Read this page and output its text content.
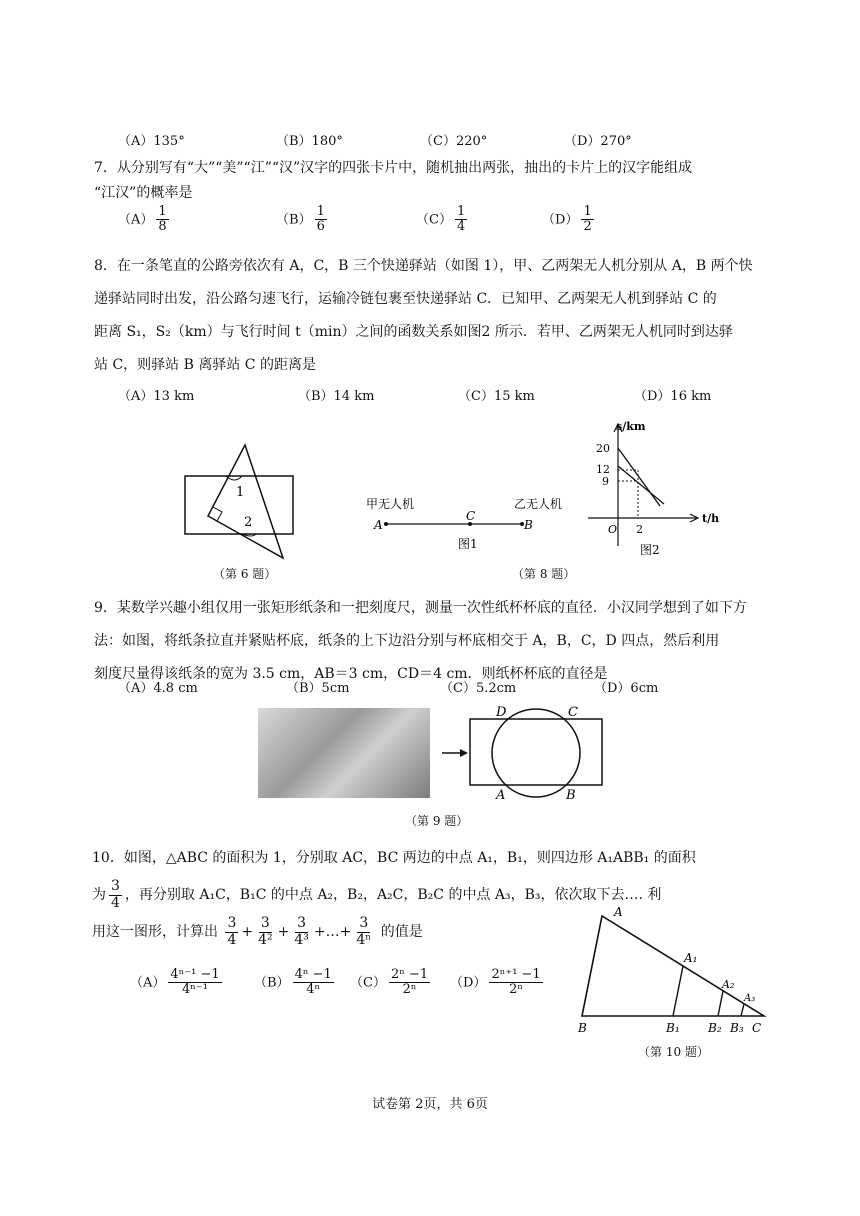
（A）135°	（B）180°	（C）220°	（D）270°
7．从分别写有“大”“美”“江”“汉”汉字的四张卡片中，随机抽出两张，抽出的卡片上的汉字能组成
“江汉”的概率是
$(A) \frac{1}{8}$	$(B) \frac{1}{6}$	$(C) \frac{1}{4}$	$(D) \frac{1}{2}$
8．在一条笔直的公路旁依次有 A，C，B 三个快递驿站（如图 1），甲、乙两架无人机分别从 A，B 两个快
递驿站同时出发，沿公路匀速飞行，运输冷链包裹至快递驿站 C．已知甲、乙两架无人机到驿站 C 的
距离 S₁，S₂（km）与飞行时间 t（min）之间的函数关系如图2 所示．若甲、乙两架无人机同时到达驿
站 C，则驿站 B 离驿站 C 的距离是
（A）13 km	（B）14 km	（C）15 km	（D）16 km
1
2
（第 6 题）
甲无人机	乙无人机
A
C
B
图1
s/km
t/h
20
12
9
O 2
图2
（第 8 题）
9．某数学兴趣小组仅用一张矩形纸条和一把刻度尺，测量一次性纸杯杯底的直径．小汉同学想到了如下方
法：如图，将纸条拉直并紧贴杯底，纸条的上下边沿分别与杯底相交于 A，B，C，D 四点，然后利用
刻度尺量得该纸条的宽为 3.5 cm，AB＝3 cm，CD＝4 cm．则纸杯杯底的直径是
（A）4.8 cm	（B）5cm	（C）5.2cm	（D）6cm
D	C
A	B
（第 9 题）
10．如图，△ABC 的面积为 1，分别取 AC，BC 两边的中点 A₁，B₁，则四边形 A₁ABB₁ 的面积
为 $\frac{3}{4}$ ，再分别取 A₁C，B₁C 的中点 A₂，B₂，A₂C，B₂C 的中点 A₃，B₃，依次取下去…. 利
用这一图形，计算出 $\frac{3}{4} + \frac{3}{\text{4²}} + \frac{3}{\text{4³}}$ +…+ $\frac{3}{\text{4ⁿ}}$ 的值是
$(A) \frac{\text{4ⁿ⁻¹ −1}}{\text{4ⁿ⁻¹}} (B) \frac{\text{4ⁿ −1}}{\text{4ⁿ}} (C) \frac{\text{2ⁿ −1}}{\text{2ⁿ}} (D) \frac{\text{2ⁿ⁺¹ −1}}{\text{2ⁿ}}$
A
A₁
A₂
A₃
B	B₁ B₂ B₃ C
（第 10 题）
试卷第 2页，共 6页
